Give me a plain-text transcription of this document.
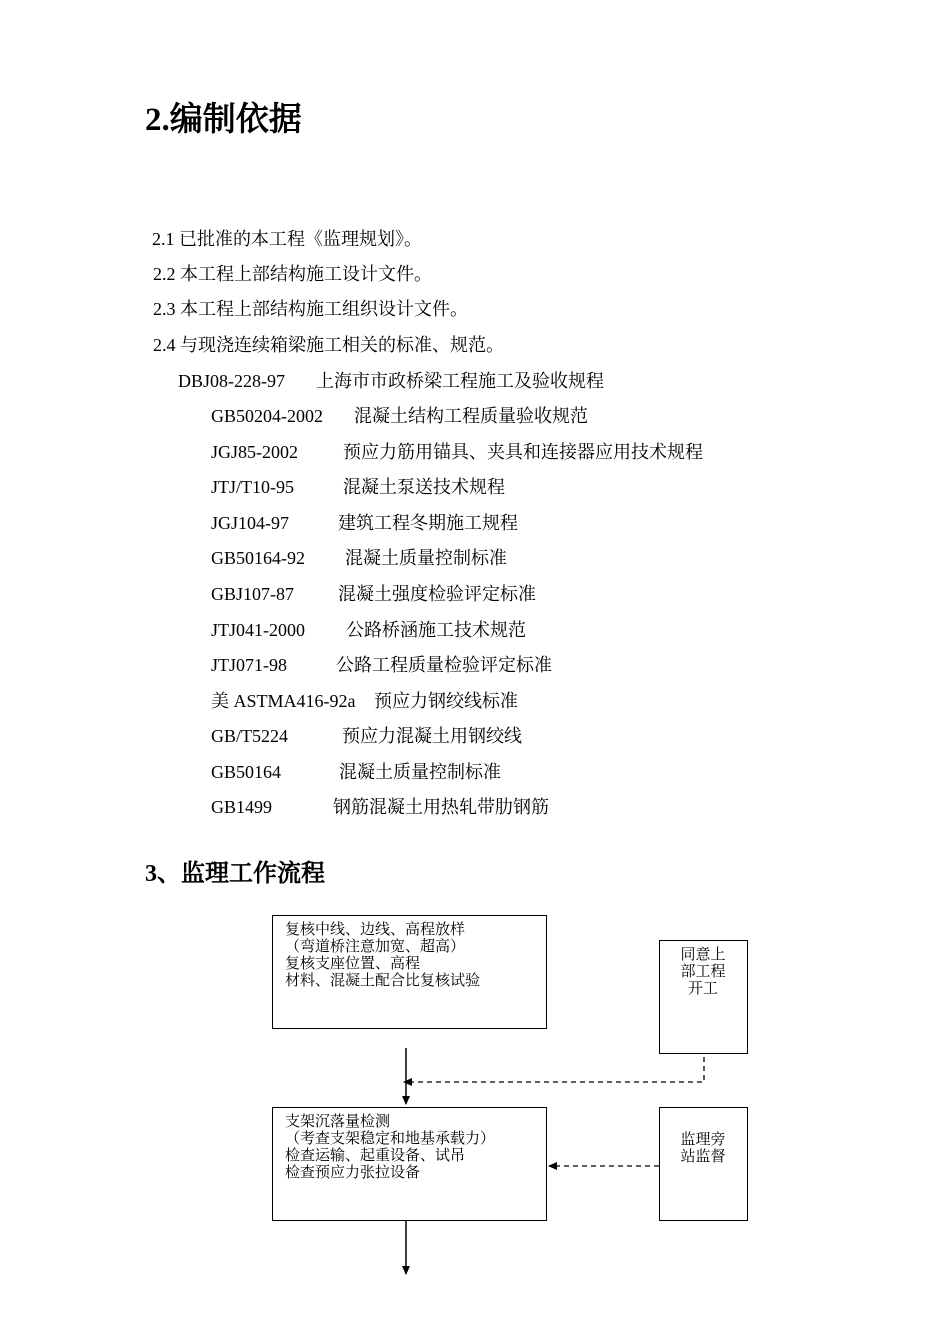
2.编制依据
2.1 已批准的本工程《监理规划》。
2.2 本工程上部结构施工设计文件。
2.3 本工程上部结构施工组织设计文件。
2.4 与现浇连续箱梁施工相关的标准、规范。
DBJ08-228-97 上海市市政桥梁工程施工及验收规程
GB50204-2002 混凝土结构工程质量验收规范
JGJ85-2002 预应力筋用锚具、夹具和连接器应用技术规程
JTJ/T10-95	混凝土泵送技术规程
JGJ104-97	建筑工程冬期施工规程
GB50164-92 混凝土质量控制标准
GBJ107-87 混凝土强度检验评定标准
JTJ041-2000 公路桥涵施工技术规范
JTJ071-98	公路工程质量检验评定标准
美 ASTMA416-92a 预应力钢绞线标准
GB/T5224	预应力混凝土用钢绞线
GB50164	混凝土质量控制标准
GB1499	钢筋混凝土用热轧带肋钢筋
3、监理工作流程
复核中线、边线、高程放样
（弯道桥注意加宽、超高）
复核支座位置、高程
材料、混凝土配合比复核试验
同意上
部工程
开工
支架沉落量检测
（考查支架稳定和地基承载力）
检查运输、起重设备、试吊
检查预应力张拉设备
监理旁
站监督
